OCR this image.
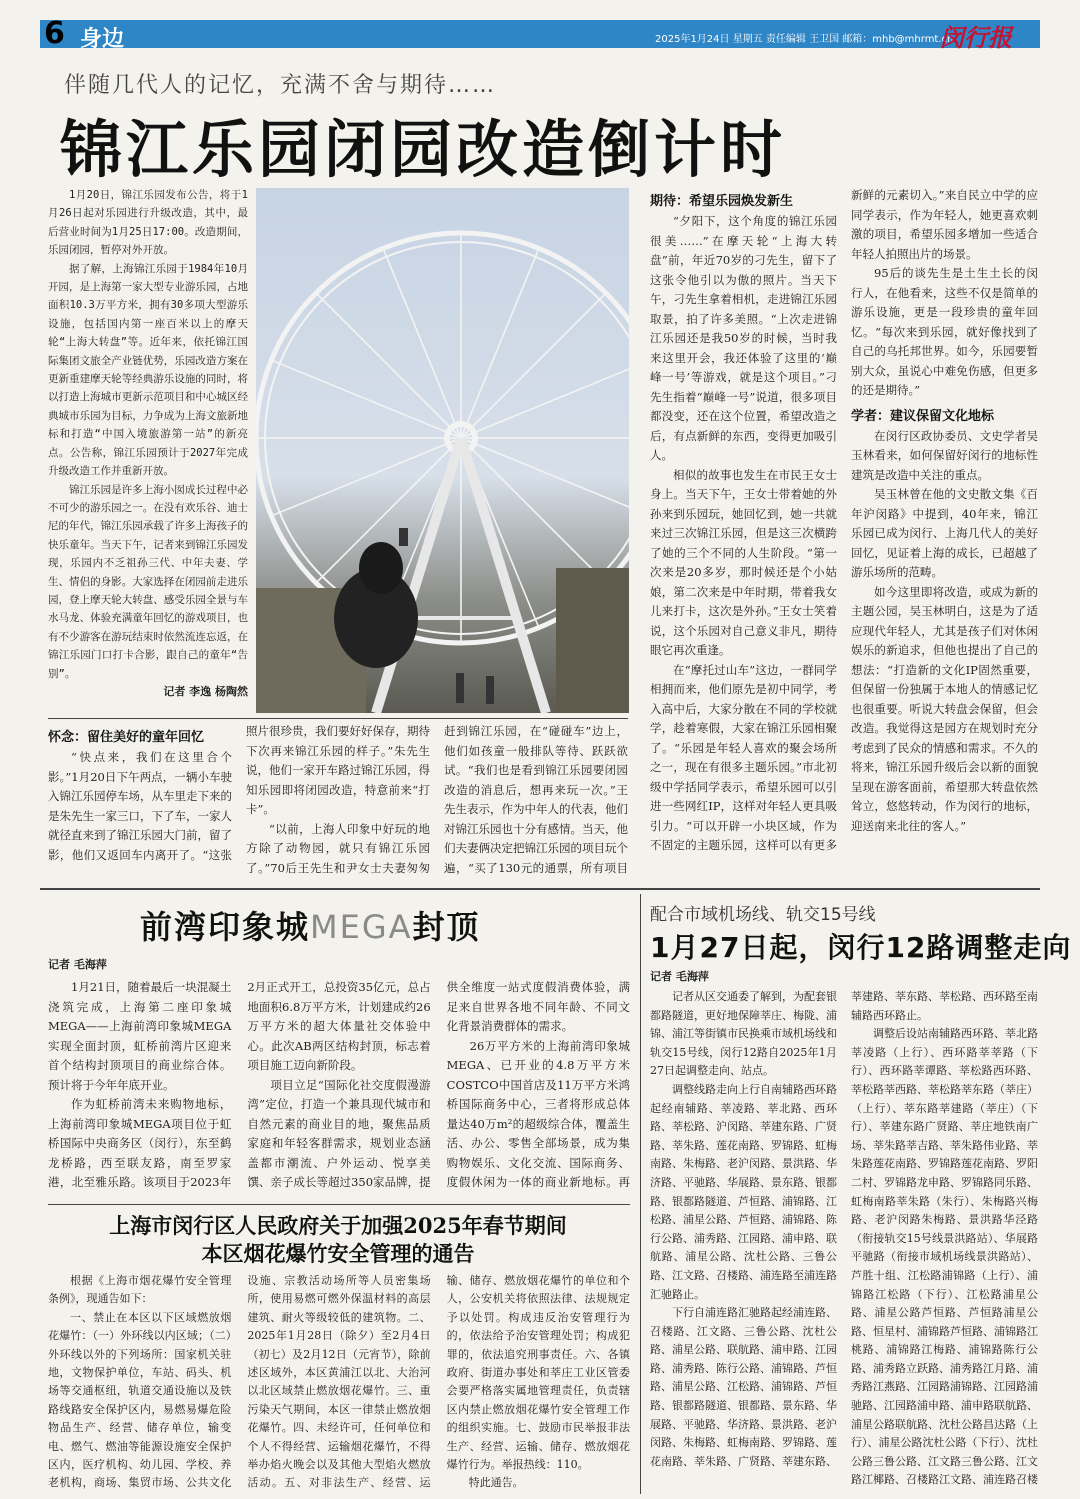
6 身边	2025年1月24日 星期五 责任编辑 王卫国 邮箱：mhb@mhrmt.cn
闵行报
伴随几代人的记忆，充满不舍与期待……
锦江乐园闭园改造倒计时

1月20日，锦江乐园发布公告，将于1月26日起对乐园进行升级改造，其中，最后营业时间为1月25日17:00。改造期间，乐园闭园，暂停对外开放。

据了解，上海锦江乐园于1984年10月开园，是上海第一家大型专业游乐园，占地面积10.3万平方米，拥有30多项大型游乐设施，包括国内第一座百米以上的摩天轮“上海大转盘”等。近年来，依托锦江国际集团文旅全产业链优势，乐园改造方案在更新重建摩天轮等经典游乐设施的同时，将以打造上海城市更新示范项目和中心城区经典城市乐园为目标，力争成为上海文旅新地标和打造“中国入境旅游第一站”的新亮点。公告称，锦江乐园预计于2027年完成升级改造工作并重新开放。

锦江乐园是许多上海小囡成长过程中必不可少的游乐园之一。在没有欢乐谷、迪士尼的年代，锦江乐园承载了许多上海孩子的快乐童年。当天下午，记者来到锦江乐园发现，乐园内不乏祖孙三代、中年夫妻、学生、情侣的身影。大家选择在闭园前走进乐园，登上摩天轮大转盘、感受乐园全景与车水马龙、体验充满童年回忆的游戏项目，也有不少游客在游玩结束时依然流连忘返，在锦江乐园门口打卡合影，跟自己的童年“告别”。

记者 李逸 杨陶然

怀念：留住美好的童年回忆

“快点来，我们在这里合个影。”1月20日下午两点，一辆小车驶入锦江乐园停车场，从车里走下来的是朱先生一家三口，下了车，一家人就径直来到了锦江乐园大门前，留了影，他们又返回车内离开了。“这张照片很珍贵，我们要好好保存，期待下次再来锦江乐园的样子。”朱先生说，他们一家开车路过锦江乐园，得知乐园即将闭园改造，特意前来“打卡”。

“以前，上海人印象中好玩的地方除了动物园，就只有锦江乐园了。”70后王先生和尹女士夫妻匆匆赶到锦江乐园，在“碰碰车”边上，他们如孩童一般排队等待、跃跃欲试。“我们也是看到锦江乐园要闭园改造的消息后，想再来玩一次。”王先生表示，作为中年人的代表，他们对锦江乐园也十分有感情。当天，他们夫妻俩决定把锦江乐园的项目玩个遍，“买了130元的通票，所有项目

期待：希望乐园焕发新生

“夕阳下，这个角度的锦江乐园很美……”在摩天轮“上海大转盘”前，年近70岁的刁先生，留下了这张令他引以为傲的照片。当天下午，刁先生拿着相机，走进锦江乐园取景，拍了许多美照。“上次走进锦江乐园还是我50岁的时候，当时我来这里开会，我还体验了这里的‘巅峰一号’等游戏，就是这个项目。”刁先生指着“巅峰一号”说道，很多项目都没变，还在这个位置，希望改造之后，有点新鲜的东西，变得更加吸引人。

相似的故事也发生在市民王女士身上。当天下午，王女士带着她的外孙来到乐园玩，她回忆到，她一共就来过三次锦江乐园，但是这三次横跨了她的三个不同的人生阶段。“第一次来是20多岁，那时候还是个小姑娘，第二次来是中年时期，带着我女儿来打卡，这次是外孙。”王女士笑着说，这个乐园对自己意义非凡，期待眼它再次重逢。

在“摩托过山车”这边，一群同学相拥而来，他们原先是初中同学，考入高中后，大家分散在不同的学校就学，趁着寒假，大家在锦江乐园相聚了。“乐园是年轻人喜欢的聚会场所之一，现在有很多主题乐园。”市北初级中学括同学表示，希望乐园可以引进一些网红IP，这样对年轻人更具吸引力。“可以开辟一小块区域，作为不固定的主题乐园，这样可以有更多新鲜的元素切入。”来自民立中学的应同学表示，作为年轻人，她更喜欢刺激的项目，希望乐园多增加一些适合年轻人拍照出片的场景。

95后的谈先生是土生土长的闵行人，在他看来，这些不仅是简单的游乐设施，更是一段珍贵的童年回忆。“每次来到乐园，就好像找到了自己的乌托邦世界。如今，乐园要暂别大众，虽说心中难免伤感，但更多的还是期待。”

学者：建议保留文化地标

在闵行区政协委员、文史学者吴玉林看来，如何保留好闵行的地标性建筑是改造中关注的重点。

吴玉林曾在他的文史散文集《百年沪闵路》中提到，40年来，锦江乐园已成为闵行、上海几代人的美好回忆，见证着上海的成长，已超越了游乐场所的范畴。

如今这里即将改造，或成为新的主题公园，吴玉林明白，这是为了适应现代年轻人，尤其是孩子们对休闲娱乐的新追求，但他也提出了自己的想法：“打造新的文化IP固然重要，但保留一份独属于本地人的情感记忆也很重要。听说大转盘会保留，但会改造。我觉得这是园方在规划时充分考虑到了民众的情感和需求。不久的将来，锦江乐园升级后会以新的面貌呈现在游客面前，希望那大转盘依然耸立，悠悠转动，作为闵行的地标，迎送南来北往的客人。”

前湾印象城MEGA封顶
记者 毛海萍

1月21日，随着最后一块混凝土浇筑完成，上海第二座印象城MEGA——上海前湾印象城MEGA实现全面封顶，虹桥前湾片区迎来首个结构封顶项目的商业综合体。预计将于今年年底开业。

作为虹桥前湾未来购物地标，上海前湾印象城MEGA项目位于虹桥国际中央商务区（闵行），东至鹤龙桥路，西至联友路，南至罗家港，北至雅乐路。该项目于2023年2月正式开工，总投资35亿元，总占地面积6.8万平方米，计划建成约26万平方米的超大体量社交体验中心。此次AB两区结构封顶，标志着项目施工迈向新阶段。

项目立足“国际化社交度假漫游湾”定位，打造一个兼具现代城市和自然元素的商业目的地，聚焦品质家庭和年轻客群需求，规划业态涵盖都市潮流、户外运动、悦享美馔、亲子成长等超过350家品牌，提供全维度一站式度假消费体验，满足来自世界各地不同年龄、不同文化背景消费群体的需求。

26万平方米的上海前湾印象城MEGA、已开业的4.8万平方米COSTCO中国首店及11万平方米鸿桥国际商务中心，三者将形成总体量达40万m²的超级综合体，覆盖生活、办公、零售全部场景，成为集购物娱乐、文化交流、国际商务、度假休闲为一体的商业新地标。再

配合市域机场线、轨交15号线
1月27日起，闵行12路调整走向
记者 毛海萍

记者从区交通委了解到，为配套银都路隧道，更好地保障莘庄、梅陇、浦锦、浦江等街镇市民换乘市域机场线和轨交15号线，闵行12路自2025年1月27日起调整走向、站点。

调整线路走向上行自南辅路西环路起经南辅路、莘凌路、莘北路、西环路、莘松路、沪闵路、莘建东路、广贤路、莘朱路、莲花南路、罗锦路、虹梅南路、朱梅路、老沪闵路、景洪路、华济路、平驰路、华展路、景东路、银都路、银都路隧道、芦恒路、浦锦路、江松路、浦星公路、芦恒路、浦锦路、陈行公路、浦秀路、江园路、浦申路、联航路、浦星公路、沈杜公路、三鲁公路、江文路、召楼路、浦连路至浦连路汇驰路止。

下行自浦连路汇驰路起经浦连路、召楼路、江文路、三鲁公路、沈杜公路、浦星公路、联航路、浦申路、江园路、浦秀路、陈行公路、浦锦路、芦恒路、浦星公路、江松路、浦锦路、芦恒路、银都路隧道、银都路、景东路、华展路、平驰路、华济路、景洪路、老沪闵路、朱梅路、虹梅南路、罗锦路、莲花南路、莘朱路、广贤路、莘建东路、莘建路、莘东路、莘松路、西环路至南辅路西环路止。

调整后设站南辅路西环路、莘北路莘凌路（上行）、西环路莘莘路（下行）、西环路莘谭路、莘松路西环路、莘松路莘西路、莘松路莘东路（莘庄）（上行）、莘东路莘建路（莘庄）（下行）、莘建东路广贤路、莘庄地铁南广场、莘朱路莘吉路、莘朱路伟业路、莘朱路莲花南路、罗锦路莲花南路、罗阳二村、罗锦路龙申路、罗锦路同乐路、虹梅南路莘朱路（朱行）、朱梅路兴梅路、老沪闵路朱梅路、景洪路华泾路（衔接轨交15号线景洪路站）、华展路平驰路（衔接市域机场线景洪路站）、芦胜十组、江松路浦锦路（上行）、浦锦路江松路（下行）、江松路浦星公路、浦星公路芦恒路、芦恒路浦星公路、恒星村、浦锦路芦恒路、浦锦路江桃路、浦锦路江梅路、浦锦路陈行公路、浦秀路立跃路、浦秀路江月路、浦秀路江燕路、江园路浦锦路、江园路浦驰路、江园路浦申路、浦申路联航路、浦星公路联航路、沈杜公路昌达路（上行）、浦星公路沈杜公路（下行）、沈杜公路三鲁公路、江文路三鲁公路、江文路江椰路、召楼路江文路、浦连路召楼

上海市闵行区人民政府关于加强2025年春节期间
本区烟花爆竹安全管理的通告

根据《上海市烟花爆竹安全管理条例》，现通告如下：

一、禁止在本区以下区域燃放烟花爆竹：（一）外环线以内区域；（二）外环线以外的下列场所：国家机关驻地，文物保护单位，车站、码头、机场等交通枢纽，轨道交通设施以及铁路线路安全保护区内，易燃易爆危险物品生产、经营、储存单位，输变电、燃气、燃油等能源设施安全保护区内，医疗机构、幼儿园、学校、养老机构，商场、集贸市场、公共文化设施、宗教活动场所等人员密集场所，使用易燃可燃外保温材料的高层建筑、耐火等级较低的建筑物。二、2025年1月28日（除夕）至2月4日（初七）及2月12日（元宵节），除前述区域外，本区黄浦江以北、大治河以北区域禁止燃放烟花爆竹。三、重污染天气期间，本区一律禁止燃放烟花爆竹。四、未经许可，任何单位和个人不得经营、运输烟花爆竹，不得举办焰火晚会以及其他大型焰火燃放活动。五、对非法生产、经营、运输、储存、燃放烟花爆竹的单位和个人，公安机关将依照法律、法规规定予以处罚。构成违反治安管理行为的，依法给予治安管理处罚；构成犯罪的，依法追究刑事责任。六、各镇政府、街道办事处和莘庄工业区管委会要严格落实属地管理责任，负责辖区内禁止燃放烟花爆竹安全管理工作的组织实施。七、鼓励市民举报非法生产、经营、运输、储存、燃放烟花爆竹行为。举报热线：110。

特此通告。
